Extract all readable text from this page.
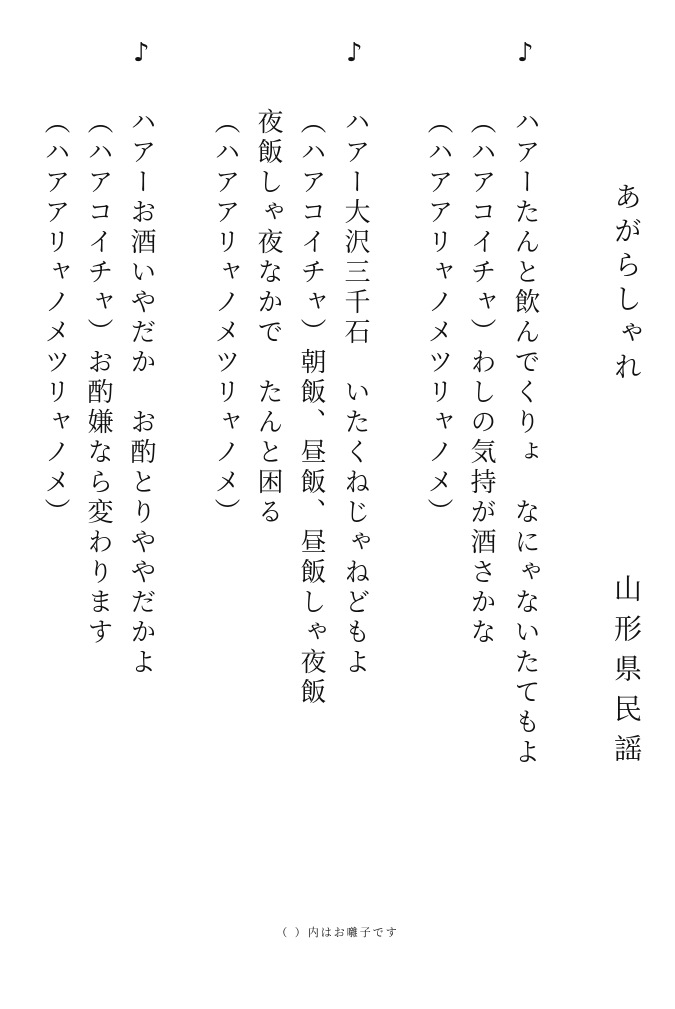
あがらしゃれ
山形県民謡
♪
ハアーたんと飲んでくりょ　なにゃないたてもよ
（ハアコイチャ）わしの気持が酒さかな
（ハアアリャノメツリャノメ）
♪
ハアー大沢三千石　いたくねじゃねどもよ
（ハアコイチャ）朝飯、昼飯、昼飯しゃ夜飯
夜飯しゃ夜なかで　たんと困る
（ハアアリャノメツリャノメ）
♪
ハアーお酒いやだか　お酌とりややだかよ
（ハアコイチャ）お酌嫌なら変わります
（ハアアリャノメツリャノメ）
（ ）内はお囃子です
